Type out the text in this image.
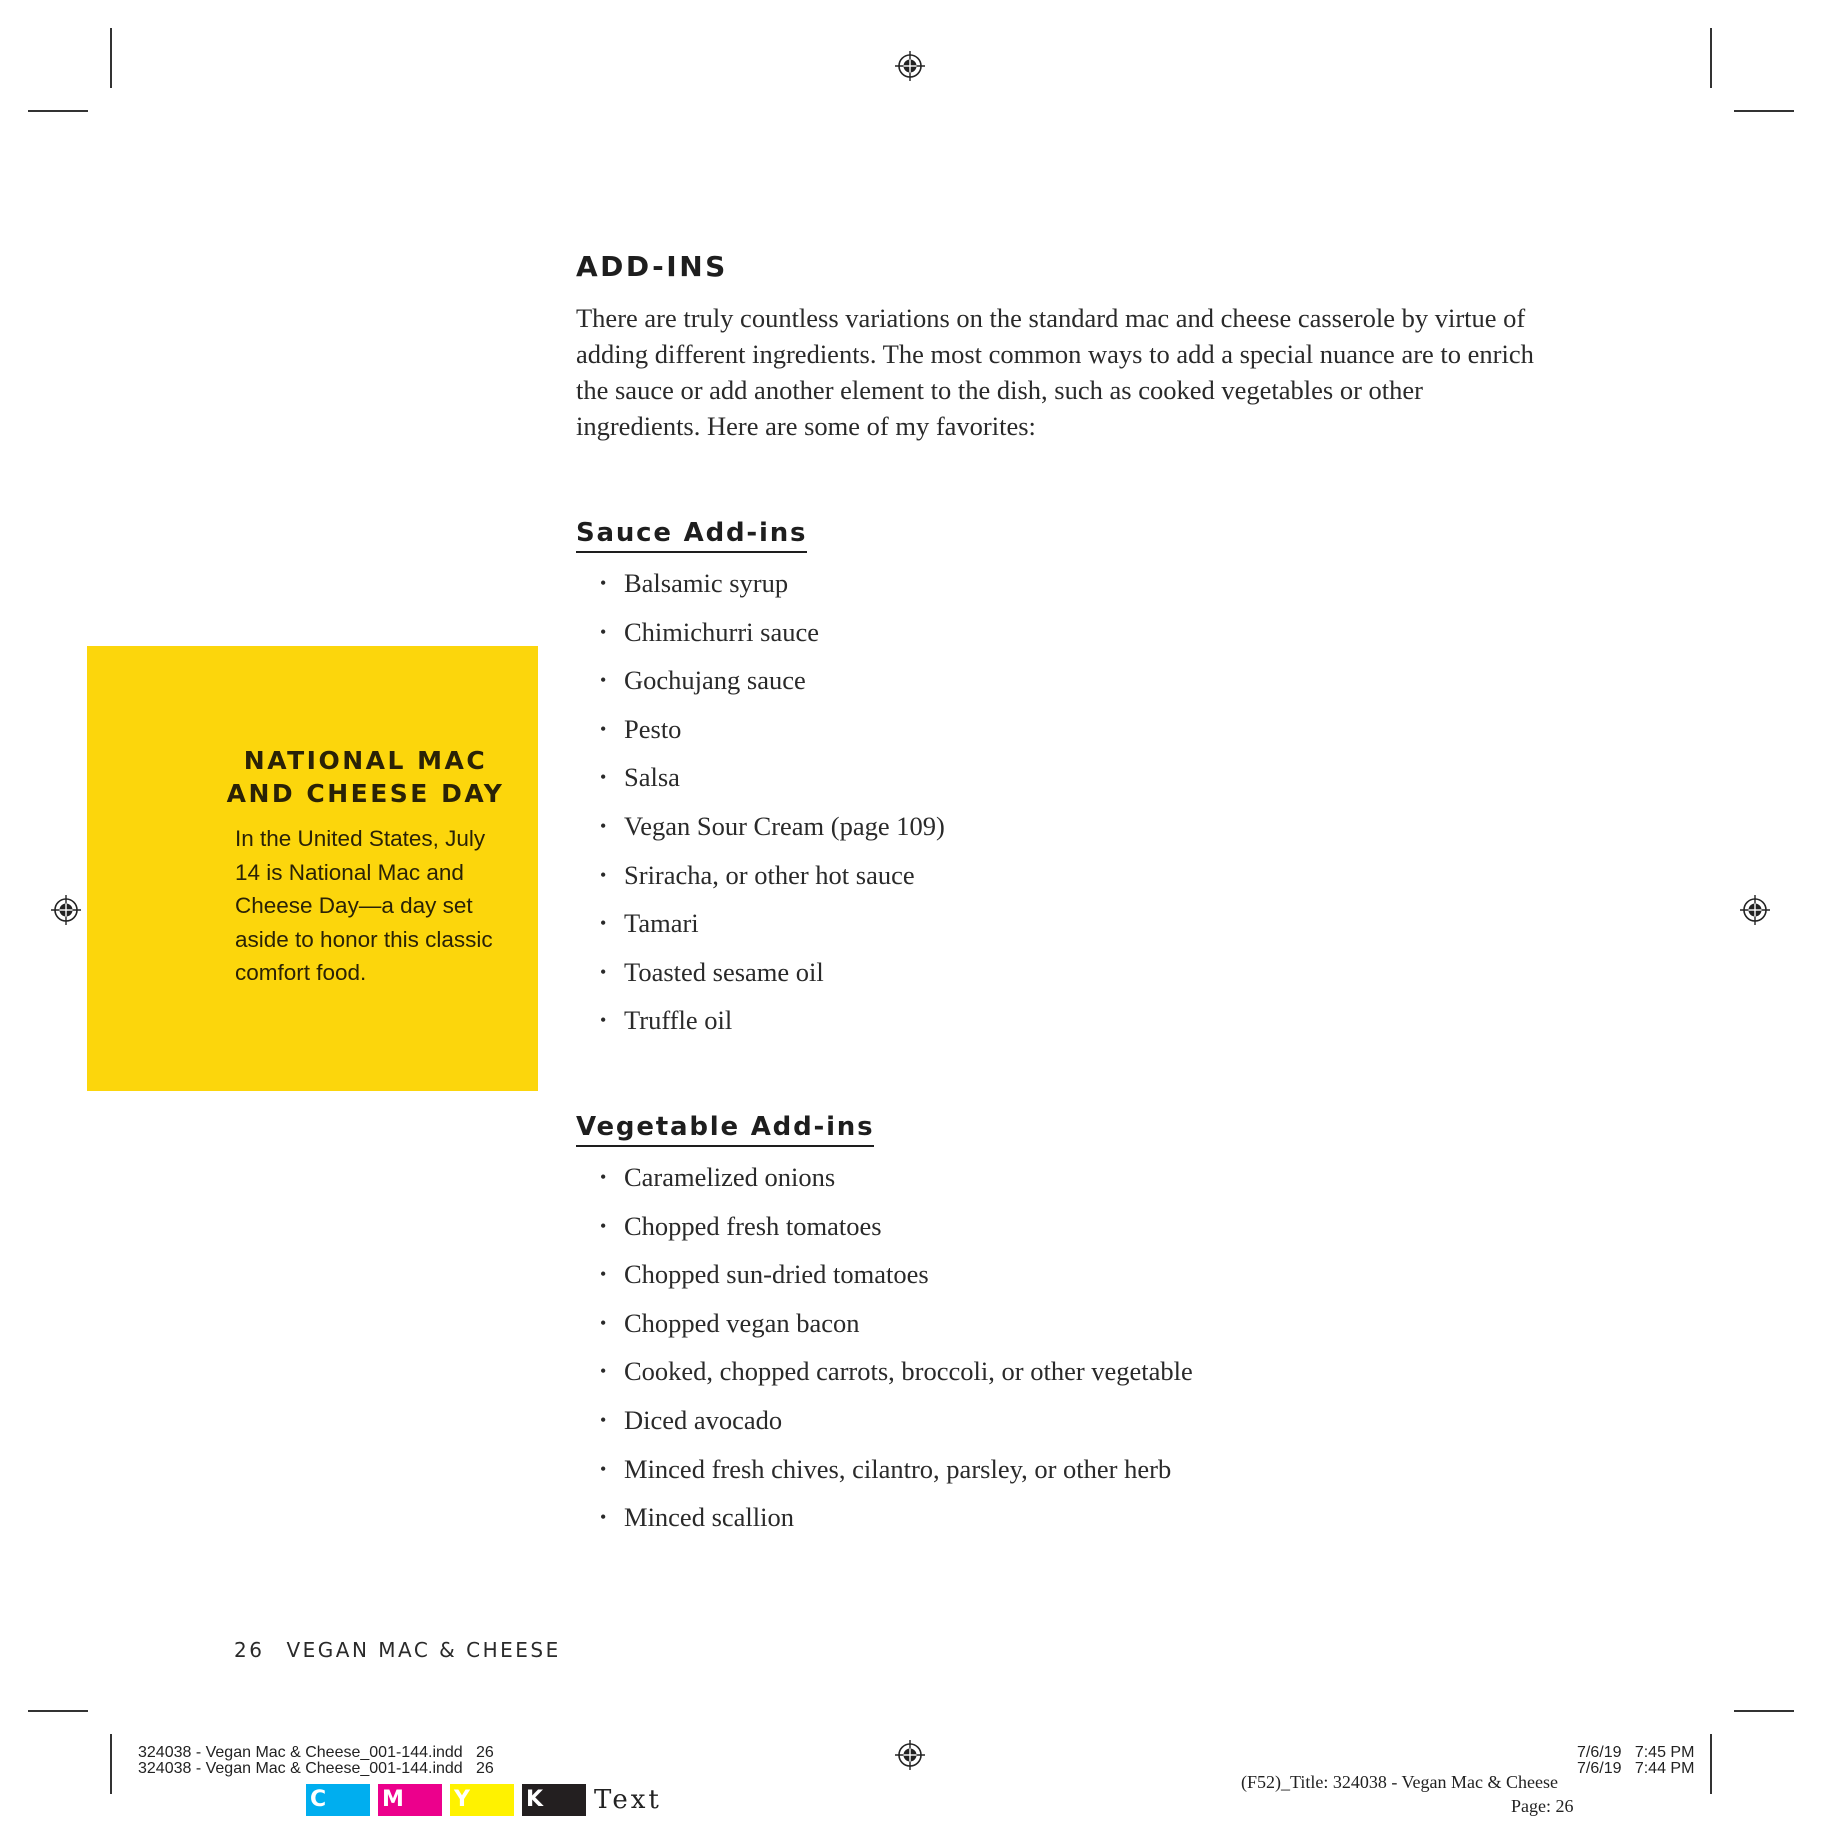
ADD-INS

There are truly countless variations on the standard mac and cheese casserole by virtue of adding different ingredients. The most common ways to add a special nuance are to enrich the sauce or add another element to the dish, such as cooked vegetables or other ingredients. Here are some of my favorites:

Sauce Add-ins
• Balsamic syrup
• Chimichurri sauce
• Gochujang sauce
• Pesto
• Salsa
• Vegan Sour Cream (page 109)
• Sriracha, or other hot sauce
• Tamari
• Toasted sesame oil
• Truffle oil
Vegetable Add-ins
• Caramelized onions
• Chopped fresh tomatoes
• Chopped sun-dried tomatoes
• Chopped vegan bacon
• Cooked, chopped carrots, broccoli, or other vegetable
• Diced avocado
• Minced fresh chives, cilantro, parsley, or other herb
• Minced scallion
NATIONAL MAC
AND CHEESE DAY

In the United States, July 14 is National Mac and Cheese Day—a day set aside to honor this classic comfort food.

26 VEGAN MAC & CHEESE
324038 - Vegan Mac & Cheese_001-144.indd   26
324038 - Vegan Mac & Cheese_001-144.indd   26
7/6/19   7:45 PM
7/6/19   7:44 PM
(F52)_Title: 324038 - Vegan Mac & Cheese
Page: 26
C	M	Y	K	Text
